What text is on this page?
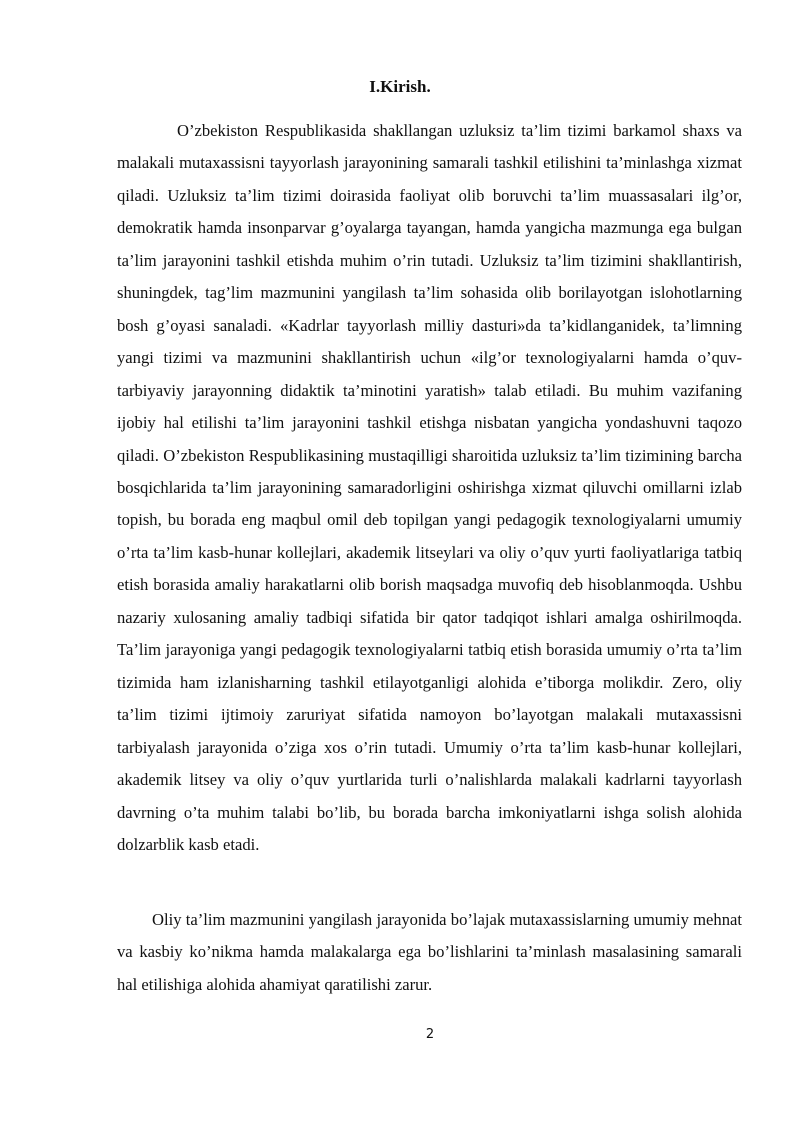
I.Kirish.

O’zbekiston Respublikasida shakllangan uzluksiz ta’lim tizimi barkamol shaxs va malakali mutaxassisni tayyorlash jarayonining samarali tashkil etilishini ta’minlashga xizmat qiladi. Uzluksiz ta’lim tizimi doirasida faoliyat olib boruvchi ta’lim muassasalari ilg’or, demokratik hamda insonparvar g’oyalarga tayangan, hamda yangicha mazmunga ega bulgan ta’lim jarayonini tashkil etishda muhim o’rin tutadi. Uzluksiz ta’lim tizimini shakllantirish, shuningdek, tag’lim mazmunini yangilash ta’lim sohasida olib borilayotgan islohotlarning bosh g’oyasi sanaladi. «Kadrlar tayyorlash milliy dasturi»da ta’kidlanganidek, ta’limning yangi tizimi va mazmunini shakllantirish uchun «ilg’or texnologiyalarni hamda o’quv-tarbiyaviy jarayonning didaktik ta’minotini yaratish» talab etiladi. Bu muhim vazifaning ijobiy hal etilishi ta’lim jarayonini tashkil etishga nisbatan yangicha yondashuvni taqozo qiladi. O’zbekiston Respublikasining mustaqilligi sharoitida uzluksiz ta’lim tizimining barcha bosqichlarida ta’lim jarayonining samaradorligini oshirishga xizmat qiluvchi omillarni izlab topish, bu borada eng maqbul omil deb topilgan yangi pedagogik texnologiyalarni umumiy o’rta ta’lim kasb-hunar kollejlari, akademik litseylari va oliy o’quv yurti faoliyatlariga tatbiq etish borasida amaliy harakatlarni olib borish maqsadga muvofiq deb hisoblanmoqda. Ushbu nazariy xulosaning amaliy tadbiqi sifatida bir qator tadqiqot ishlari amalga oshirilmoqda. Ta’lim jarayoniga yangi pedagogik texnologiyalarni tatbiq etish borasida umumiy o’rta ta’lim tizimida ham izlanisharning tashkil etilayotganligi alohida e’tiborga molikdir. Zero, oliy ta’lim tizimi ijtimoiy zaruriyat sifatida namoyon bo’layotgan malakali mutaxassisni tarbiyalash jarayonida o’ziga xos o’rin tutadi. Umumiy o’rta ta’lim kasb-hunar kollejlari, akademik litsey va oliy o’quv yurtlarida turli o’nalishlarda malakali kadrlarni tayyorlash davrning o’ta muhim talabi bo’lib, bu borada barcha imkoniyatlarni ishga solish alohida dolzarblik kasb etadi.

Oliy ta’lim mazmunini yangilash jarayonida bo’lajak mutaxassislarning umumiy mehnat va kasbiy ko’nikma hamda malakalarga ega bo’lishlarini ta’minlash masalasining samarali hal etilishiga alohida ahamiyat qaratilishi zarur.

2
